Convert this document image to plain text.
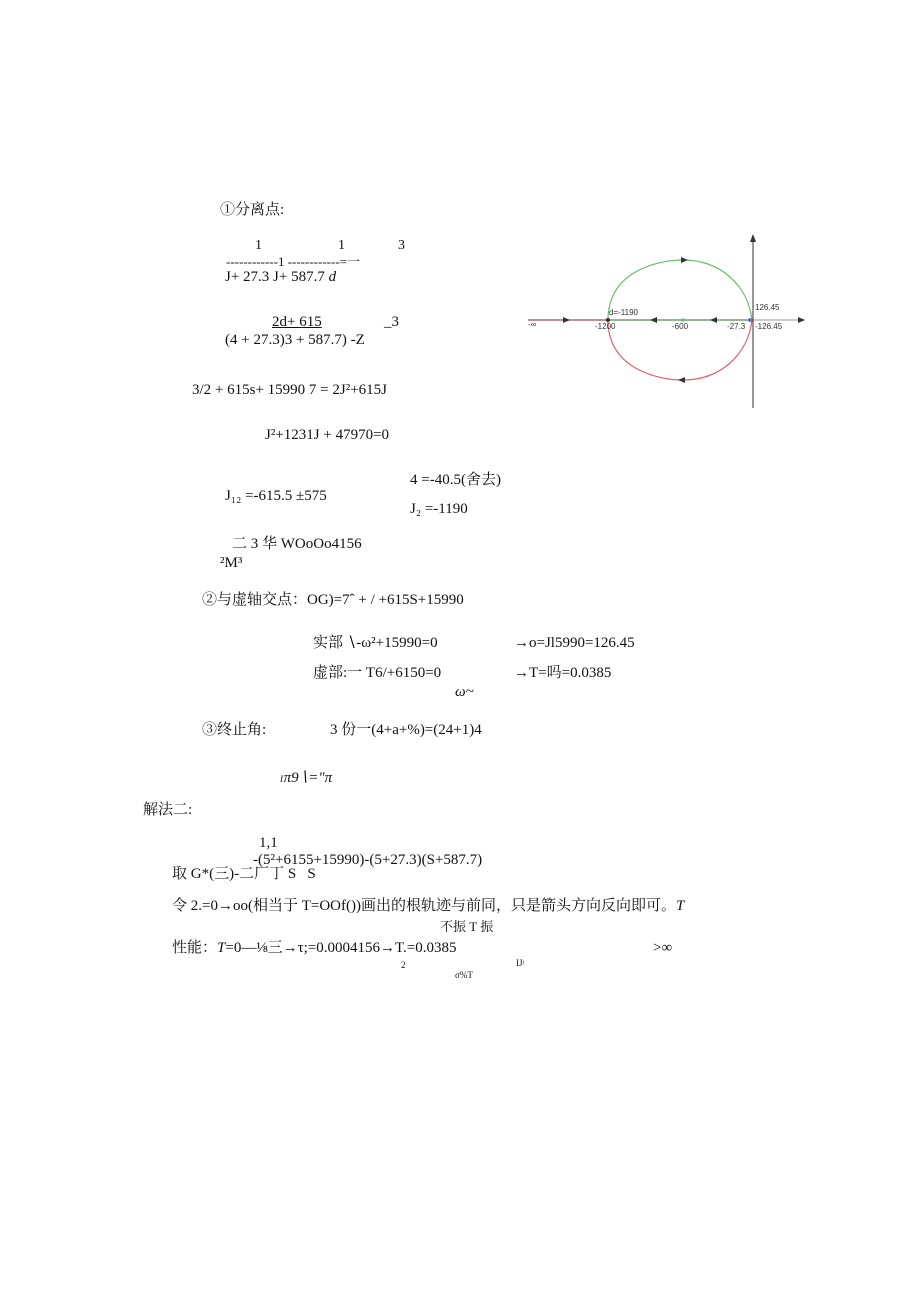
①分离点:
1	1	3
------------1 ------------=一
J+ 27.3 J+ 587.7 d
2d+ 615	_3
(4 + 27.3)3 + 587.7) -Z
3/2 + 615s+ 15990 7 = 2J²+615J
J²+1231J + 47970=0
4 =-40.5(舍去)
J₁₂ =-615.5 ±575
J₂ =-1190
二 3 华 WOoOo4156
²M³
②与虚轴交点：OG)=7ˆ + / +615S+15990
实部 ∖-ω²+15990=0	→o=Jl5990=126.45
虚部:一 T6/+6150=0	→T=吗=0.0385
ω~
③终止角:	3 份一(4+a+%)=(24+1)4
ₗπ9∖="π
解法二:
1,1
-(5²+6155+15990)-(5+27.3)(S+587.7)
取 G*(三)-二厂丁 S   S
令 2.=0→oo(相当于 T=OOf())画出的根轨迹与前同，只是箭头方向反向即可。T
不振 T 振
性能：T=0—⅛三→τ;=0.0004156→T.=0.0385	>∞
2	IJʲ
σ%T
-∞
d=-1190
-1200	-600	-27.3
126.45
-126.45
